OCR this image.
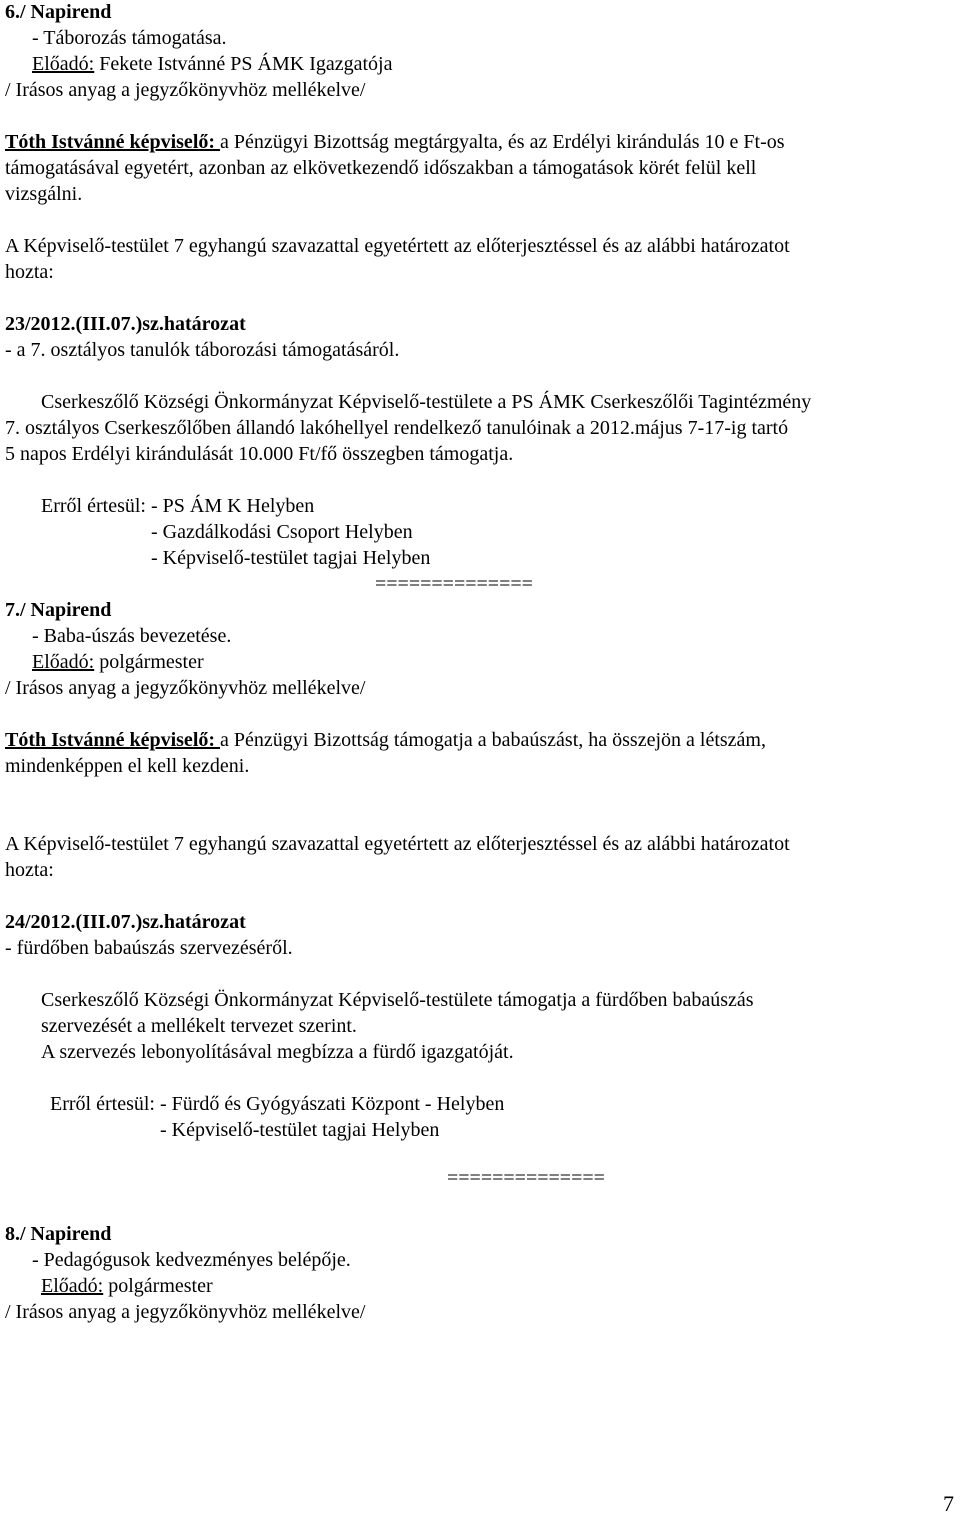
6./ Napirend
- Táborozás támogatása.
Előadó: Fekete Istvánné PS ÁMK Igazgatója
/ Irásos anyag a jegyzőkönyvhöz mellékelve/
Tóth Istvánné képviselő: a Pénzügyi Bizottság megtárgyalta, és az Erdélyi kirándulás 10 e Ft-os
támogatásával egyetért, azonban az elkövetkezendő időszakban a támogatások körét felül kell
vizsgálni.
A Képviselő-testület 7 egyhangú szavazattal egyetértett az előterjesztéssel és az alábbi határozatot
hozta:
23/2012.(III.07.)sz.határozat
- a 7. osztályos tanulók táborozási támogatásáról.
Cserkeszőlő Községi Önkormányzat Képviselő-testülete a PS ÁMK Cserkeszőlői Tagintézmény
7. osztályos Cserkeszőlőben állandó lakóhellyel rendelkező tanulóinak a 2012.május 7-17-ig tartó
5 napos Erdélyi kirándulását 10.000 Ft/fő összegben támogatja.
Erről értesül: - PS ÁM K Helyben
- Gazdálkodási Csoport Helyben
- Képviselő-testület tagjai Helyben
==============
7./ Napirend
- Baba-úszás bevezetése.
Előadó: polgármester
/ Irásos anyag a jegyzőkönyvhöz mellékelve/
Tóth Istvánné képviselő: a Pénzügyi Bizottság támogatja a babaúszást, ha összejön a létszám,
mindenképpen el kell kezdeni.
A Képviselő-testület 7 egyhangú szavazattal egyetértett az előterjesztéssel és az alábbi határozatot
hozta:
24/2012.(III.07.)sz.határozat
- fürdőben babaúszás szervezéséről.
Cserkeszőlő Községi Önkormányzat Képviselő-testülete támogatja a fürdőben babaúszás
szervezését a mellékelt tervezet szerint.
A szervezés lebonyolításával megbízza a fürdő igazgatóját.
Erről értesül: - Fürdő és Gyógyászati Központ - Helyben
- Képviselő-testület tagjai Helyben
==============
8./ Napirend
- Pedagógusok kedvezményes belépője.
Előadó: polgármester
/ Irásos anyag a jegyzőkönyvhöz mellékelve/
7
